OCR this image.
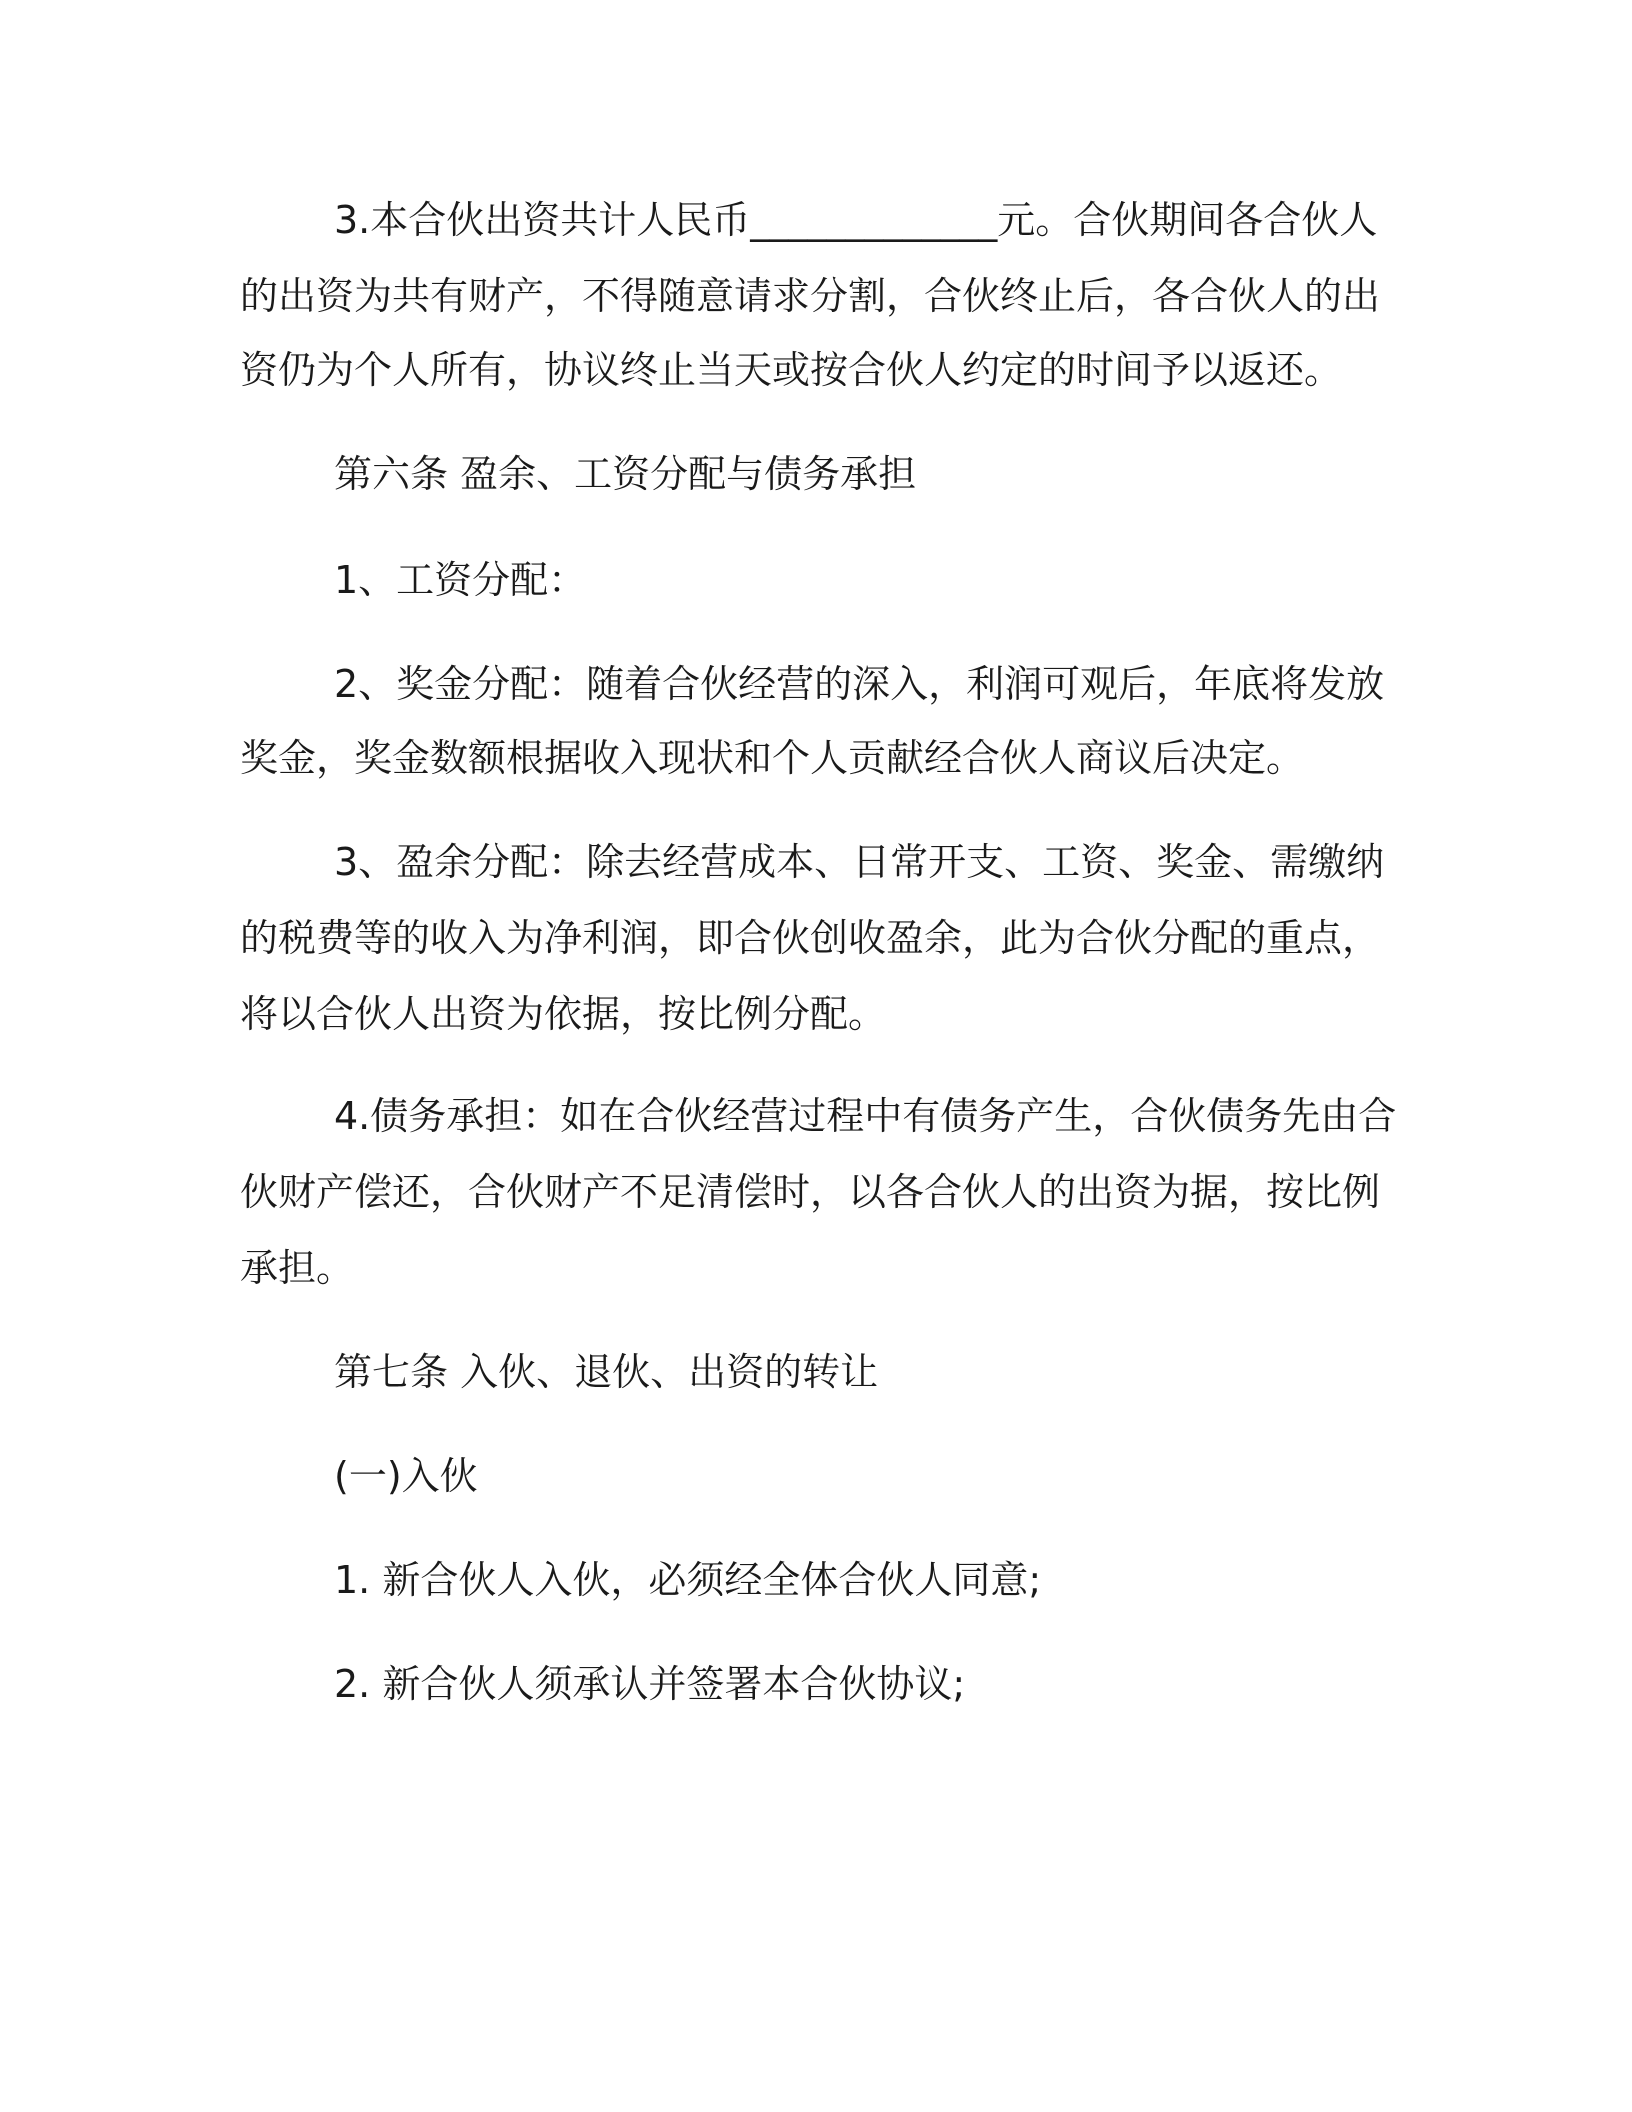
3.本合伙出资共计人民币_____________元。合伙期间各合伙人
的出资为共有财产，不得随意请求分割，合伙终止后，各合伙人的出
资仍为个人所有，协议终止当天或按合伙人约定的时间予以返还。
第六条 盈余、工资分配与债务承担
1、工资分配：
2、奖金分配：随着合伙经营的深入，利润可观后，年底将发放
奖金，奖金数额根据收入现状和个人贡献经合伙人商议后决定。
3、盈余分配：除去经营成本、日常开支、工资、奖金、需缴纳
的税费等的收入为净利润，即合伙创收盈余，此为合伙分配的重点，
将以合伙人出资为依据，按比例分配。
4.债务承担：如在合伙经营过程中有债务产生，合伙债务先由合
伙财产偿还，合伙财产不足清偿时，以各合伙人的出资为据，按比例
承担。
第七条 入伙、退伙、出资的转让
(一)入伙
1. 新合伙人入伙，必须经全体合伙人同意;
2. 新合伙人须承认并签署本合伙协议;
